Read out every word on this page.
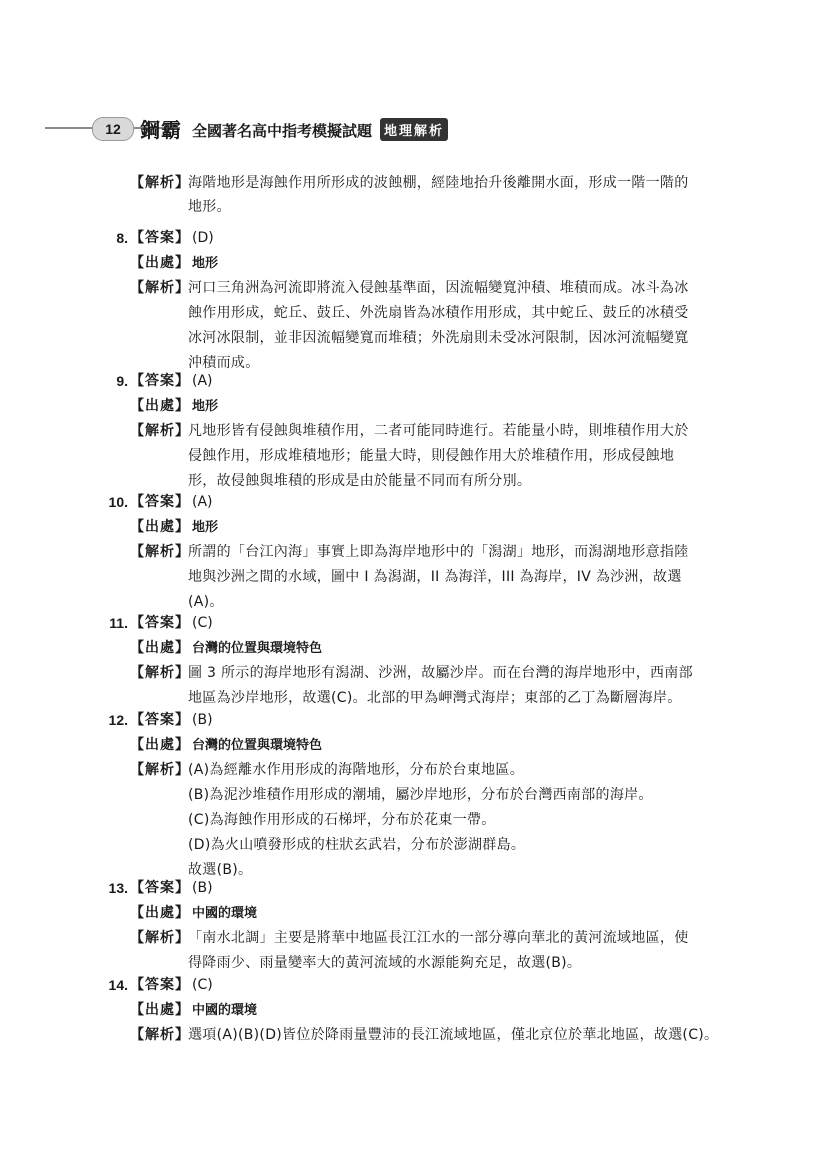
12 鋼霸 全國著名高中指考模擬試題 地理解析
【解析】
海階地形是海蝕作用所形成的波蝕棚，經陸地抬升後離開水面，形成一階一階的
地形。
8. 【答案】 (D)
【出處】 地形
【解析】
河口三角洲為河流即將流入侵蝕基準面，因流幅變寬沖積、堆積而成。冰斗為冰
蝕作用形成，蛇丘、鼓丘、外洗扇皆為冰積作用形成，其中蛇丘、鼓丘的冰積受
冰河冰限制，並非因流幅變寬而堆積；外洗扇則未受冰河限制，因冰河流幅變寬
沖積而成。
9. 【答案】 (A)
【出處】 地形
【解析】
凡地形皆有侵蝕與堆積作用，二者可能同時進行。若能量小時，則堆積作用大於
侵蝕作用，形成堆積地形；能量大時，則侵蝕作用大於堆積作用，形成侵蝕地
形，故侵蝕與堆積的形成是由於能量不同而有所分別。
10. 【答案】 (A)
【出處】 地形
【解析】
所謂的「台江內海」事實上即為海岸地形中的「潟湖」地形，而潟湖地形意指陸
地與沙洲之間的水域，圖中 I 為潟湖，II 為海洋，III 為海岸，IV 為沙洲，故選
(A)。
11. 【答案】 (C)
【出處】 台灣的位置與環境特色
【解析】
圖 3 所示的海岸地形有潟湖、沙洲，故屬沙岸。而在台灣的海岸地形中，西南部
地區為沙岸地形，故選(C)。北部的甲為岬灣式海岸；東部的乙丁為斷層海岸。
12. 【答案】 (B)
【出處】 台灣的位置與環境特色
【解析】
(A)為經離水作用形成的海階地形，分布於台東地區。
(B)為泥沙堆積作用形成的潮埔，屬沙岸地形，分布於台灣西南部的海岸。
(C)為海蝕作用形成的石梯坪，分布於花東一帶。
(D)為火山噴發形成的柱狀玄武岩，分布於澎湖群島。
故選(B)。
13. 【答案】 (B)
【出處】 中國的環境
【解析】
「南水北調」主要是將華中地區長江江水的一部分導向華北的黃河流域地區，使
得降雨少、雨量變率大的黃河流域的水源能夠充足，故選(B)。
14. 【答案】 (C)
【出處】 中國的環境
【解析】
選項(A)(B)(D)皆位於降雨量豐沛的長江流域地區，僅北京位於華北地區，故選(C)。
